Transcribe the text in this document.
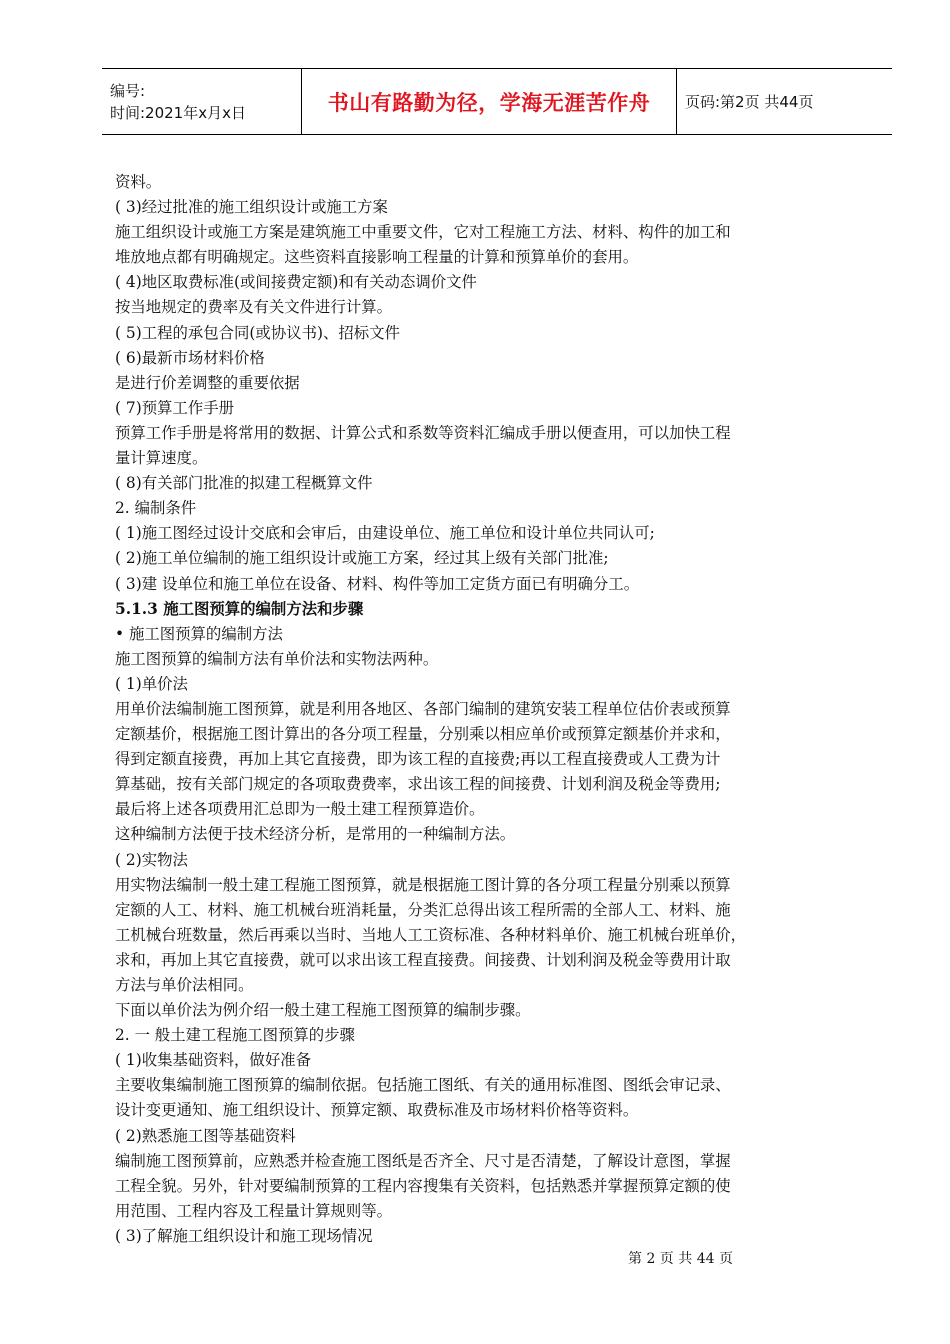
编号:
时间:2021年x月x日	书山有路勤为径，学海无涯苦作舟 页码:第2页 共44页

资料。

( 3)经过批准的施工组织设计或施工方案

施工组织设计或施工方案是建筑施工中重要文件，它对工程施工方法、材料、构件的加工和

堆放地点都有明确规定。这些资料直接影响工程量的计算和预算单价的套用。

( 4)地区取费标准(或间接费定额)和有关动态调价文件

按当地规定的费率及有关文件进行计算。

( 5)工程的承包合同(或协议书)、招标文件

( 6)最新市场材料价格

是进行价差调整的重要依据

( 7)预算工作手册

预算工作手册是将常用的数据、计算公式和系数等资料汇编成手册以便查用，可以加快工程

量计算速度。

( 8)有关部门批准的拟建工程概算文件

2. 编制条件

( 1)施工图经过设计交底和会审后，由建设单位、施工单位和设计单位共同认可;

( 2)施工单位编制的施工组织设计或施工方案，经过其上级有关部门批准;

( 3)建 设单位和施工单位在设备、材料、构件等加工定货方面已有明确分工。

5.1.3 施工图预算的编制方法和步骤

• 施工图预算的编制方法

施工图预算的编制方法有单价法和实物法两种。

( 1)单价法

用单价法编制施工图预算，就是利用各地区、各部门编制的建筑安装工程单位估价表或预算

定额基价，根据施工图计算出的各分项工程量，分别乘以相应单价或预算定额基价并求和，

得到定额直接费，再加上其它直接费，即为该工程的直接费;再以工程直接费或人工费为计

算基础，按有关部门规定的各项取费费率，求出该工程的间接费、计划利润及税金等费用;

最后将上述各项费用汇总即为一般土建工程预算造价。

这种编制方法便于技术经济分析，是常用的一种编制方法。

( 2)实物法

用实物法编制一般土建工程施工图预算，就是根据施工图计算的各分项工程量分别乘以预算

定额的人工、材料、施工机械台班消耗量，分类汇总得出该工程所需的全部人工、材料、施

工机械台班数量，然后再乘以当时、当地人工工资标准、各种材料单价、施工机械台班单价，

求和，再加上其它直接费，就可以求出该工程直接费。间接费、计划利润及税金等费用计取

方法与单价法相同。

下面以单价法为例介绍一般土建工程施工图预算的编制步骤。

2. 一 般土建工程施工图预算的步骤

( 1)收集基础资料，做好准备

主要收集编制施工图预算的编制依据。包括施工图纸、有关的通用标准图、图纸会审记录、

设计变更通知、施工组织设计、预算定额、取费标准及市场材料价格等资料。

( 2)熟悉施工图等基础资料

编制施工图预算前，应熟悉并检查施工图纸是否齐全、尺寸是否清楚，了解设计意图，掌握

工程全貌。另外，针对要编制预算的工程内容搜集有关资料，包括熟悉并掌握预算定额的使

用范围、工程内容及工程量计算规则等。

( 3)了解施工组织设计和施工现场情况

第 2 页 共 44 页
